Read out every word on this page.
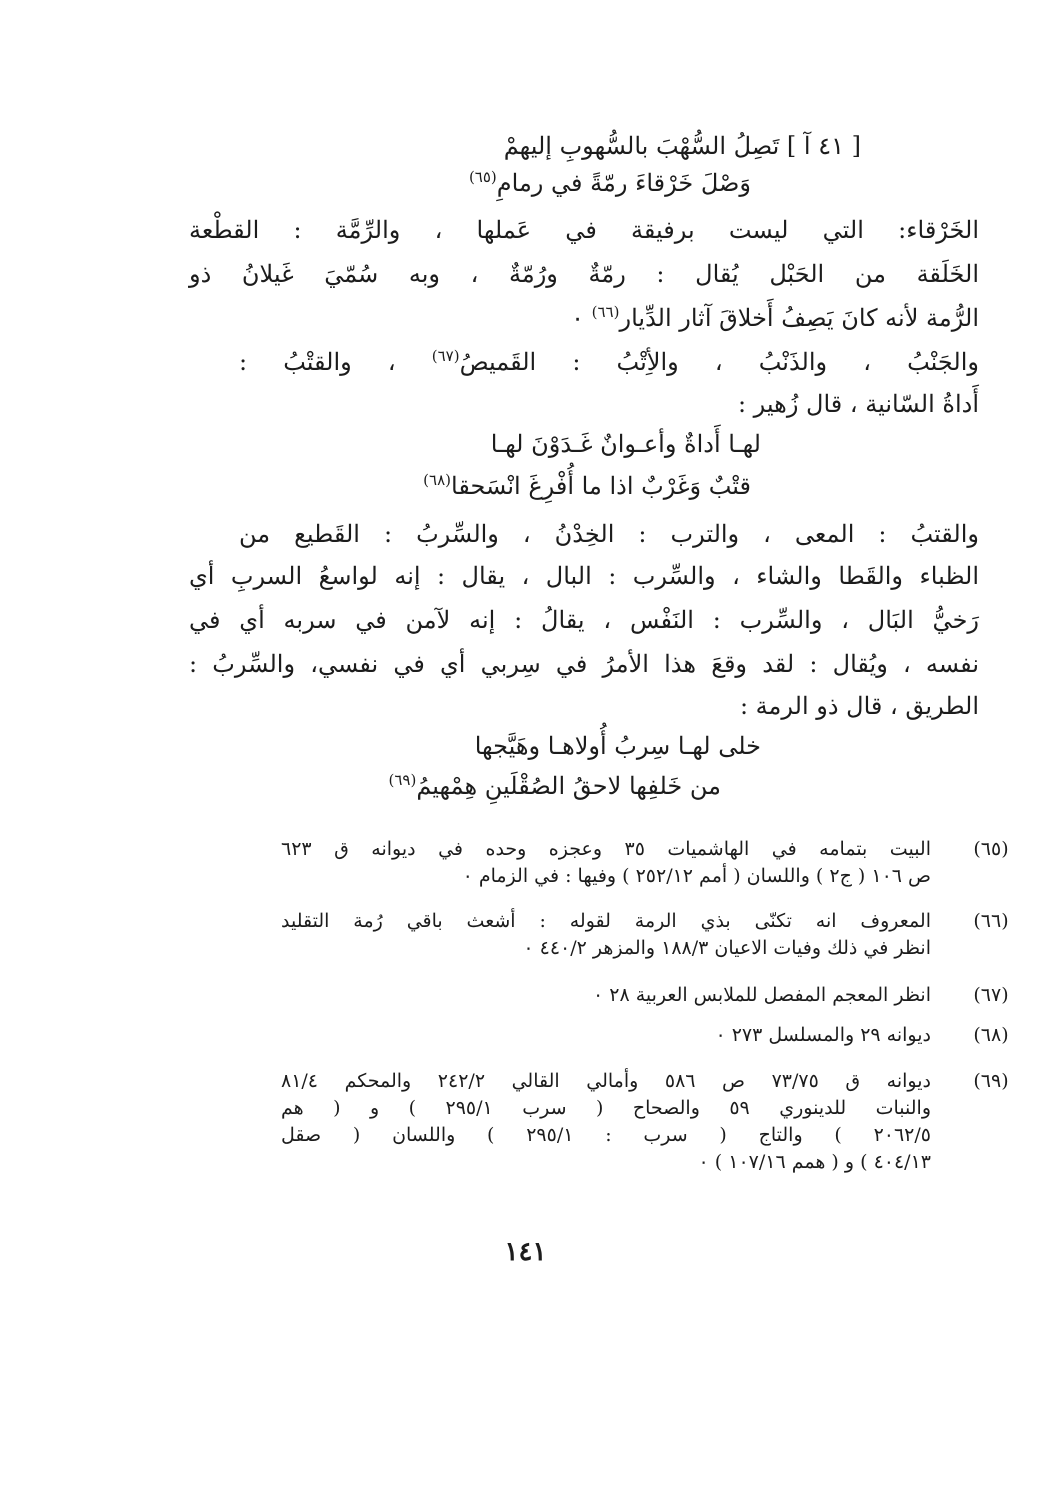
[ ٤١ آ ] تَصِلُ السُّهْبَ بالسُّهوبِ إليهمْ
وَصْلَ خَرْقاءَ رمّةً في رمامِ$^{(٦٥)}$
الخَرْقاء: التي ليست برفيقة في عَملها ، والرِّمَّة : القطْعة
الخَلَقة من الحَبْل يُقال : رمّةٌ ورُمّةٌ ، وبه سُمّيَ غَيلانُ ذو
الرُّمة لأنه كانَ يَصِفُ أَخلاقَ آثار الدِّيار$^{(٦٦)}$ ٠
والجَنْبُ ، والذَنْبُ ، والأِتْبُ : القَميصُ$^{(٦٧)}$ ، والقتْبُ :
أَداةُ السّانية ، قال زُهير :
لهـا أَداةٌ وأعـوانٌ غَـدَوْنَ لهـا
قتْبٌ وَغَرْبٌ اذا ما أُفْرِغَ انْسَحقا$^{(٦٨)}$
والقتبُ : المعى ، والترب : الخِدْنُ ، والسِّربُ : القَطيع من
الظباء والقَطا والشاء ، والسِّرب : البال ، يقال : إنه لواسعُ السربِ أي
رَخيُّ البَال ، والسِّرب : النَفْس ، يقالُ : إنه لآمن في سربه أي في
نفسه ، ويُقال : لقد وقعَ هذا الأمرُ في سِربي أي في نفسي، والسِّربُ :
الطريق ، قال ذو الرمة :
خلى لهـا سِربُ أُولاهـا وهَيَّجها
من خَلفِها لاحقُ الصُقْلَينِ هِمْهيمُ$^{(٦٩)}$
(٦٥)
البيت بتمامه في الهاشميات ٣٥ وعجزه وحده في ديوانه ق ٦٢٣
ص ١٠٦ ( ج٢ ) واللسان ( أمم ٢٥٢/١٢ ) وفيها : في الزمام ٠
(٦٦)
المعروف انه تكنّى بذي الرمة لقوله : أشعث باقي رُمة التقليد
انظر في ذلك وفيات الاعيان ١٨٨/٣ والمزهر ٤٤٠/٢ ٠
(٦٧)
انظر المعجم المفصل للملابس العربية ٢٨ ٠
(٦٨)
ديوانه ٢٩ والمسلسل ٢٧٣ ٠
(٦٩)
ديوانه ق ٧٣/٧٥ ص ٥٨٦ وأمالي القالي ٢٤٢/٢ والمحكم ٨١/٤
والنبات للدينوري ٥٩ والصحاح ( سرب ٢٩٥/١ ) و ( هم
٢٠٦٢/٥ ) والتاج ( سرب : ٢٩٥/١ ) واللسان ( صقل
٤٠٤/١٣ ) و ( همم ١٠٧/١٦ ) ٠
١٤١
